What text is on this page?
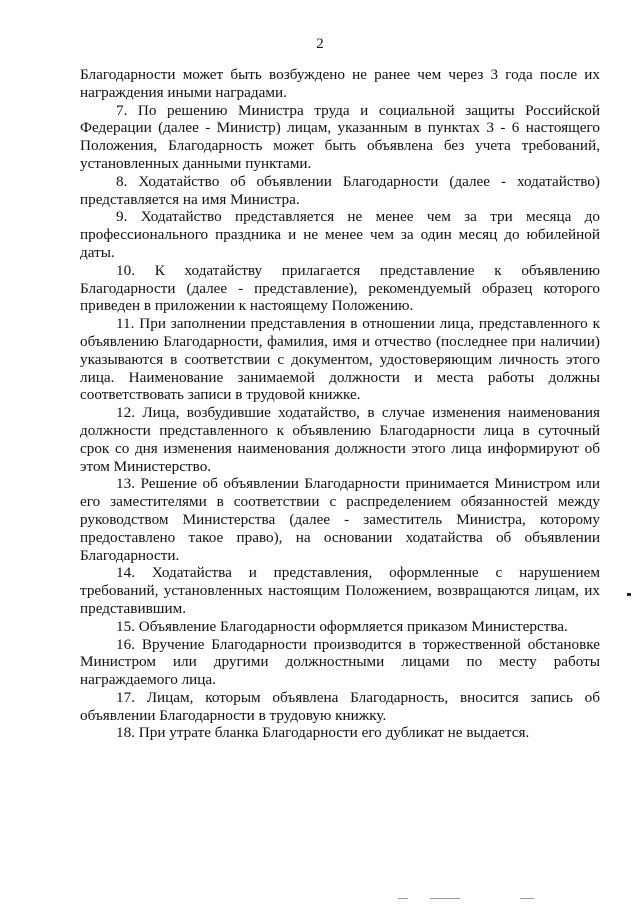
2

Благодарности может быть возбуждено не ранее чем через 3 года после их награждения иными наградами.

7. По решению Министра труда и социальной защиты Российской Федерации (далее - Министр) лицам, указанным в пунктах 3 - 6 настоящего Положения, Благодарность может быть объявлена без учета требований, установленных данными пунктами.

8. Ходатайство об объявлении Благодарности (далее - ходатайство) представляется на имя Министра.

9. Ходатайство представляется не менее чем за три месяца до профессионального праздника и не менее чем за один месяц до юбилейной даты.

10. К ходатайству прилагается представление к объявлению Благодарности (далее - представление), рекомендуемый образец которого приведен в приложении к настоящему Положению.

11. При заполнении представления в отношении лица, представленного к объявлению Благодарности, фамилия, имя и отчество (последнее при наличии) указываются в соответствии с документом, удостоверяющим личность этого лица. Наименование занимаемой должности и места работы должны соответствовать записи в трудовой книжке.

12. Лица, возбудившие ходатайство, в случае изменения наименования должности представленного к объявлению Благодарности лица в суточный срок со дня изменения наименования должности этого лица информируют об этом Министерство.

13. Решение об объявлении Благодарности принимается Министром или его заместителями в соответствии с распределением обязанностей между руководством Министерства (далее - заместитель Министра, которому предоставлено такое право), на основании ходатайства об объявлении Благодарности.

14. Ходатайства и представления, оформленные с нарушением требований, установленных настоящим Положением, возвращаются лицам, их представившим.

15. Объявление Благодарности оформляется приказом Министерства.

16. Вручение Благодарности производится в торжественной обстановке Министром или другими должностными лицами по месту работы награждаемого лица.

17. Лицам, которым объявлена Благодарность, вносится запись об объявлении Благодарности в трудовую книжку.

18. При утрате бланка Благодарности его дубликат не выдается.
